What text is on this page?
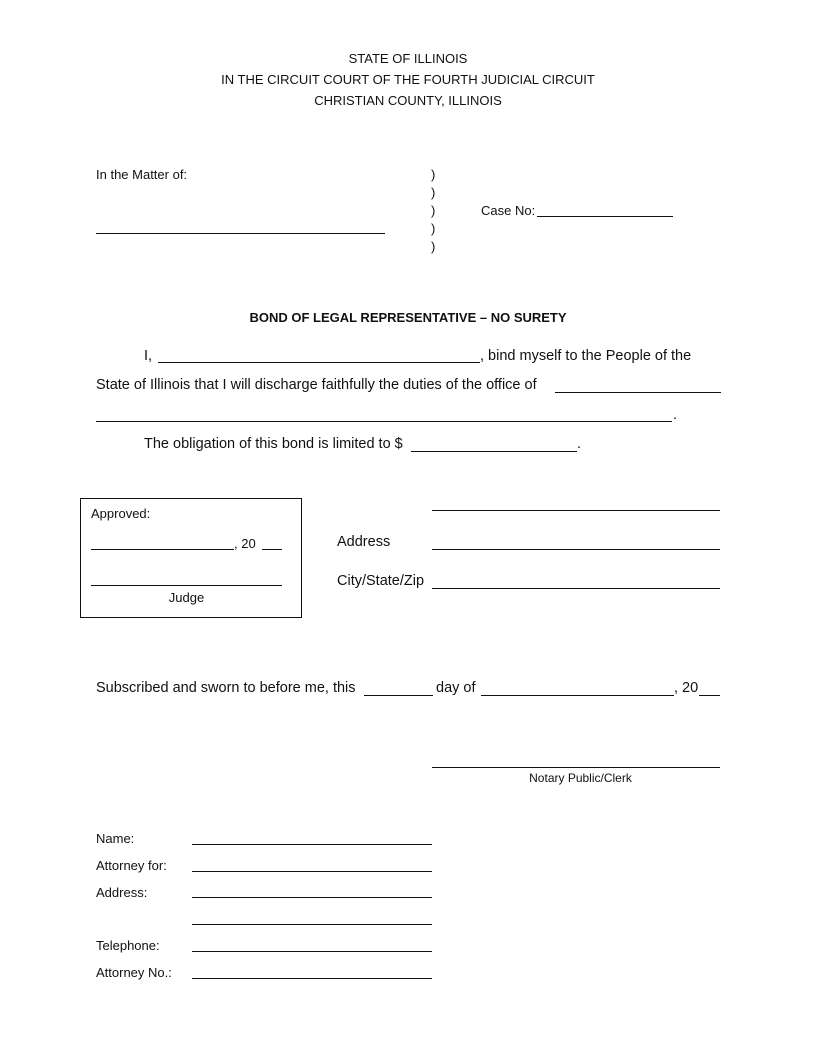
STATE OF ILLINOIS
IN THE CIRCUIT COURT OF THE FOURTH JUDICIAL CIRCUIT
CHRISTIAN COUNTY, ILLINOIS
In the Matter of:	)
)
)
)
)
Case No:
BOND OF LEGAL REPRESENTATIVE – NO SURETY
I,	, bind myself to the People of the
State of Illinois that I will discharge faithfully the duties of the office of
.
The obligation of this bond is limited to $	.
Approved:
, 20
Judge
Address
City/State/Zip
Subscribed and sworn to before me, this	day of	, 20
Notary Public/Clerk
Name:
Attorney for:
Address:
Telephone:
Attorney No.:
